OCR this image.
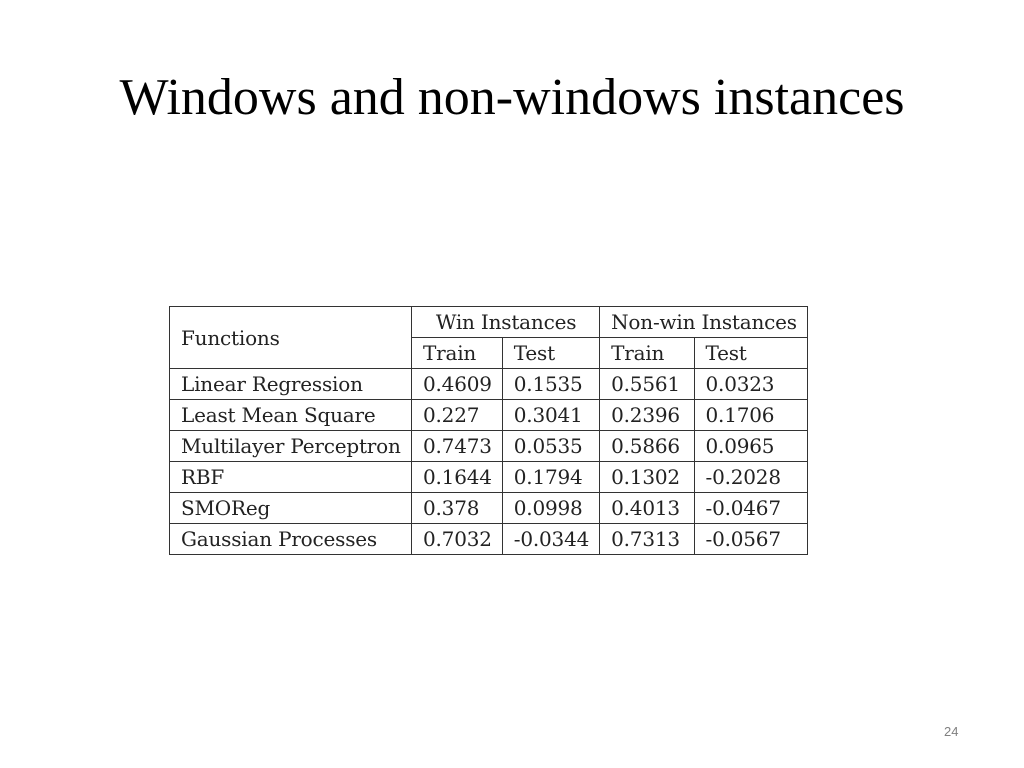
Windows and non-windows instances
Functions	Win Instances		Non-win Instances	
	Train	Test	Train	Test
Linear Regression	0.4609	0.1535	0.5561	0.0323
Least Mean Square	0.227	0.3041	0.2396	0.1706
Multilayer Perceptron	0.7473	0.0535	0.5866	0.0965
RBF	0.1644	0.1794	0.1302	-0.2028
SMOReg	0.378	0.0998	0.4013	-0.0467
Gaussian Processes	0.7032	-0.0344	0.7313	-0.0567
24
